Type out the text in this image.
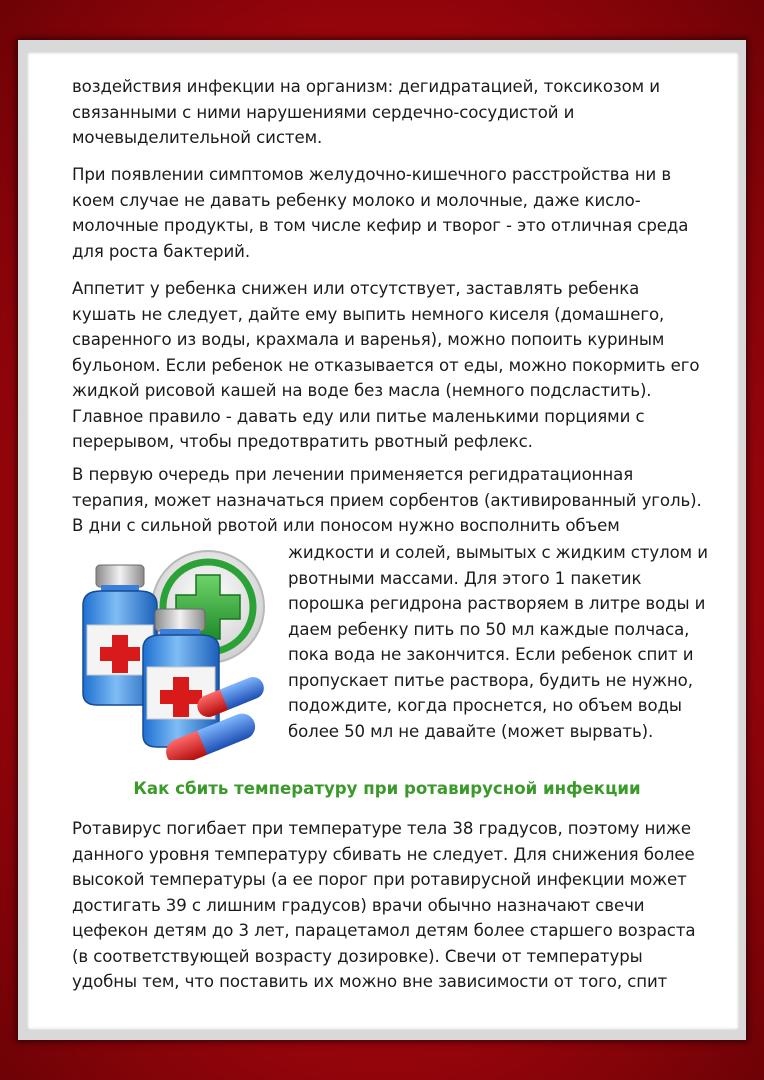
воздействия инфекции на организм: дегидратацией, токсикозом и связанными с ними нарушениями сердечно-сосудистой и мочевыделительной систем.

При появлении симптомов желудочно-кишечного расстройства ни в коем случае не давать ребенку молоко и молочные, даже кисло-молочные продукты, в том числе кефир и творог - это отличная среда для роста бактерий.

Аппетит у ребенка снижен или отсутствует, заставлять ребенка кушать не следует, дайте ему выпить немного киселя (домашнего, сваренного из воды, крахмала и варенья), можно попоить куриным бульоном. Если ребенок не отказывается от еды, можно покормить его жидкой рисовой кашей на воде без масла (немного подсластить). Главное правило - давать еду или питье маленькими порциями с перерывом, чтобы предотвратить рвотный рефлекс.

В первую очередь при лечении применяется регидратационная терапия, может назначаться прием сорбентов (активированный уголь). В дни с сильной рвотой или поносом нужно восполнить объем

жидкости и солей, вымытых с жидким стулом и рвотными массами. Для этого 1 пакетик порошка регидрона растворяем в литре воды и даем ребенку пить по 50 мл каждые полчаса, пока вода не закончится. Если ребенок спит и пропускает питье раствора, будить не нужно, подождите, когда проснется, но объем воды более 50 мл не давайте (может вырвать).

Как сбить температуру при ротавирусной инфекции

Ротавирус погибает при температуре тела 38 градусов, поэтому ниже данного уровня температуру сбивать не следует. Для снижения более высокой температуры (а ее порог при ротавирусной инфекции может достигать 39 с лишним градусов) врачи обычно назначают свечи цефекон детям до 3 лет, парацетамол детям более старшего возраста (в соответствующей возрасту дозировке). Свечи от температуры удобны тем, что поставить их можно вне зависимости от того, спит
